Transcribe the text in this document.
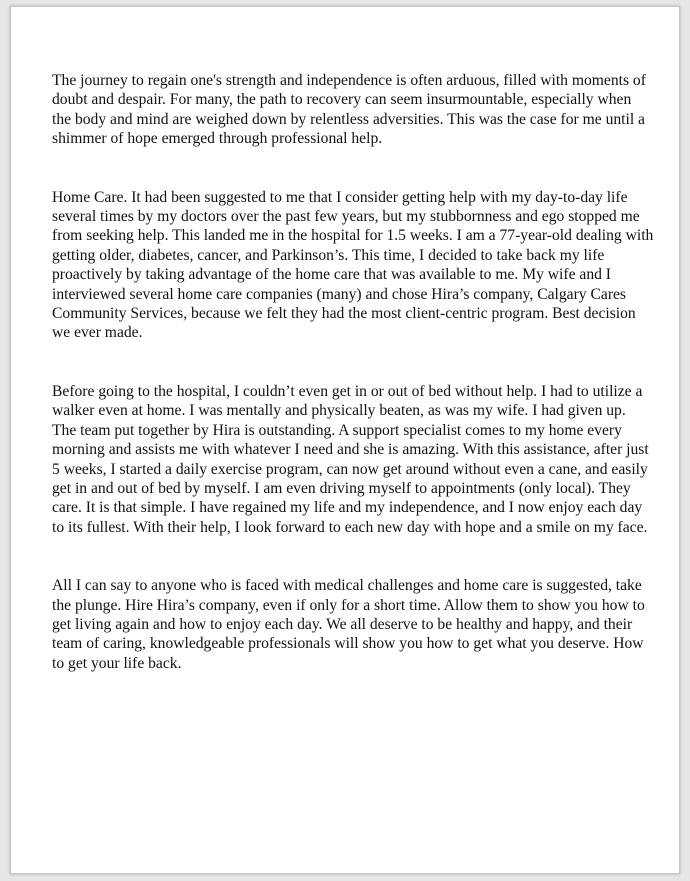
The journey to regain one's strength and independence is often arduous, filled with moments of
doubt and despair. For many, the path to recovery can seem insurmountable, especially when
the body and mind are weighed down by relentless adversities. This was the case for me until a
shimmer of hope emerged through professional help.

Home Care. It had been suggested to me that I consider getting help with my day-to-day life
several times by my doctors over the past few years, but my stubbornness and ego stopped me
from seeking help. This landed me in the hospital for 1.5 weeks. I am a 77-year-old dealing with
getting older, diabetes, cancer, and Parkinson’s. This time, I decided to take back my life
proactively by taking advantage of the home care that was available to me. My wife and I
interviewed several home care companies (many) and chose Hira’s company, Calgary Cares
Community Services, because we felt they had the most client-centric program. Best decision
we ever made.

Before going to the hospital, I couldn’t even get in or out of bed without help. I had to utilize a
walker even at home. I was mentally and physically beaten, as was my wife. I had given up.
The team put together by Hira is outstanding. A support specialist comes to my home every
morning and assists me with whatever I need and she is amazing. With this assistance, after just
5 weeks, I started a daily exercise program, can now get around without even a cane, and easily
get in and out of bed by myself. I am even driving myself to appointments (only local). They
care. It is that simple. I have regained my life and my independence, and I now enjoy each day
to its fullest. With their help, I look forward to each new day with hope and a smile on my face.

All I can say to anyone who is faced with medical challenges and home care is suggested, take
the plunge. Hire Hira’s company, even if only for a short time. Allow them to show you how to
get living again and how to enjoy each day. We all deserve to be healthy and happy, and their
team of caring, knowledgeable professionals will show you how to get what you deserve. How
to get your life back.
